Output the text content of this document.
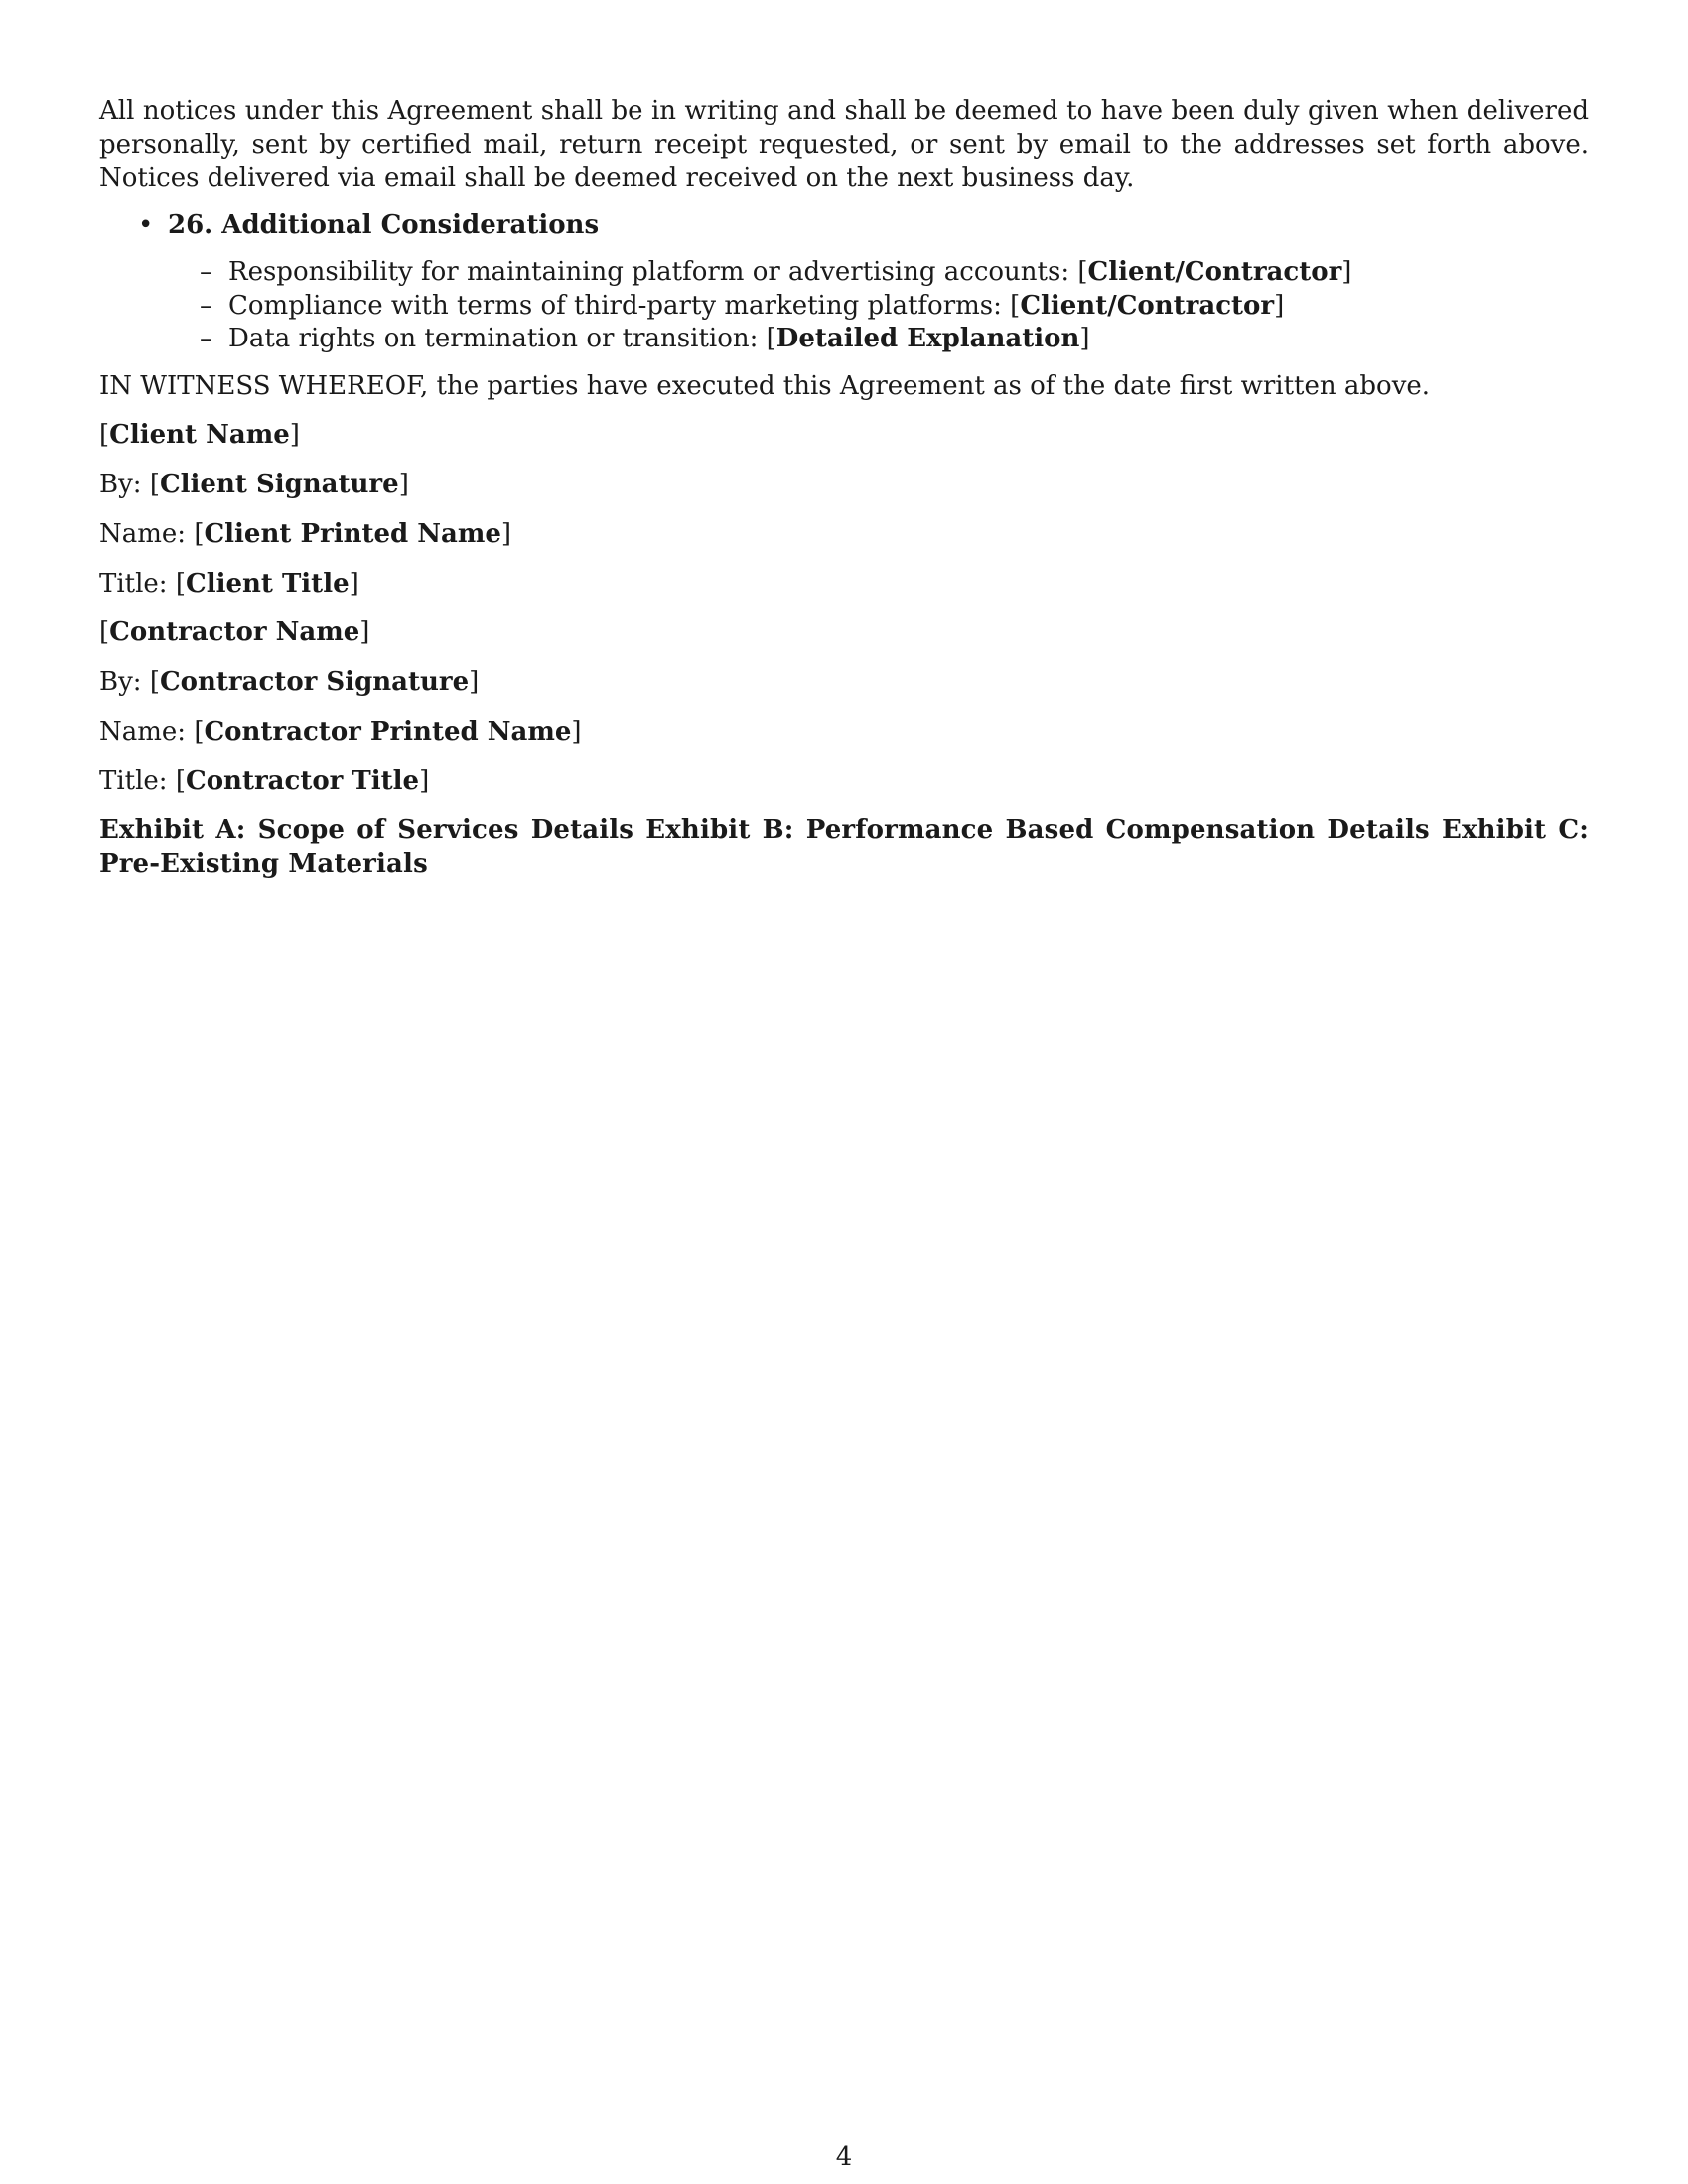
All notices under this Agreement shall be in writing and shall be deemed to have been duly given when delivered personally, sent by certified mail, return receipt requested, or sent by email to the addresses set forth above. Notices delivered via email shall be deemed received on the next business day.

• 26. Additional Considerations
– Responsibility for maintaining platform or advertising accounts: [Client/Contractor]
– Compliance with terms of third-party marketing platforms: [Client/Contractor]
– Data rights on termination or transition: [Detailed Explanation]
IN WITNESS WHEREOF, the parties have executed this Agreement as of the date first written above.
[Client Name]
By: [Client Signature]
Name: [Client Printed Name]
Title: [Client Title]
[Contractor Name]
By: [Contractor Signature]
Name: [Contractor Printed Name]
Title: [Contractor Title]
Exhibit A: Scope of Services Details Exhibit B: Performance Based Compensation Details Exhibit C: Pre-Existing Materials
4
